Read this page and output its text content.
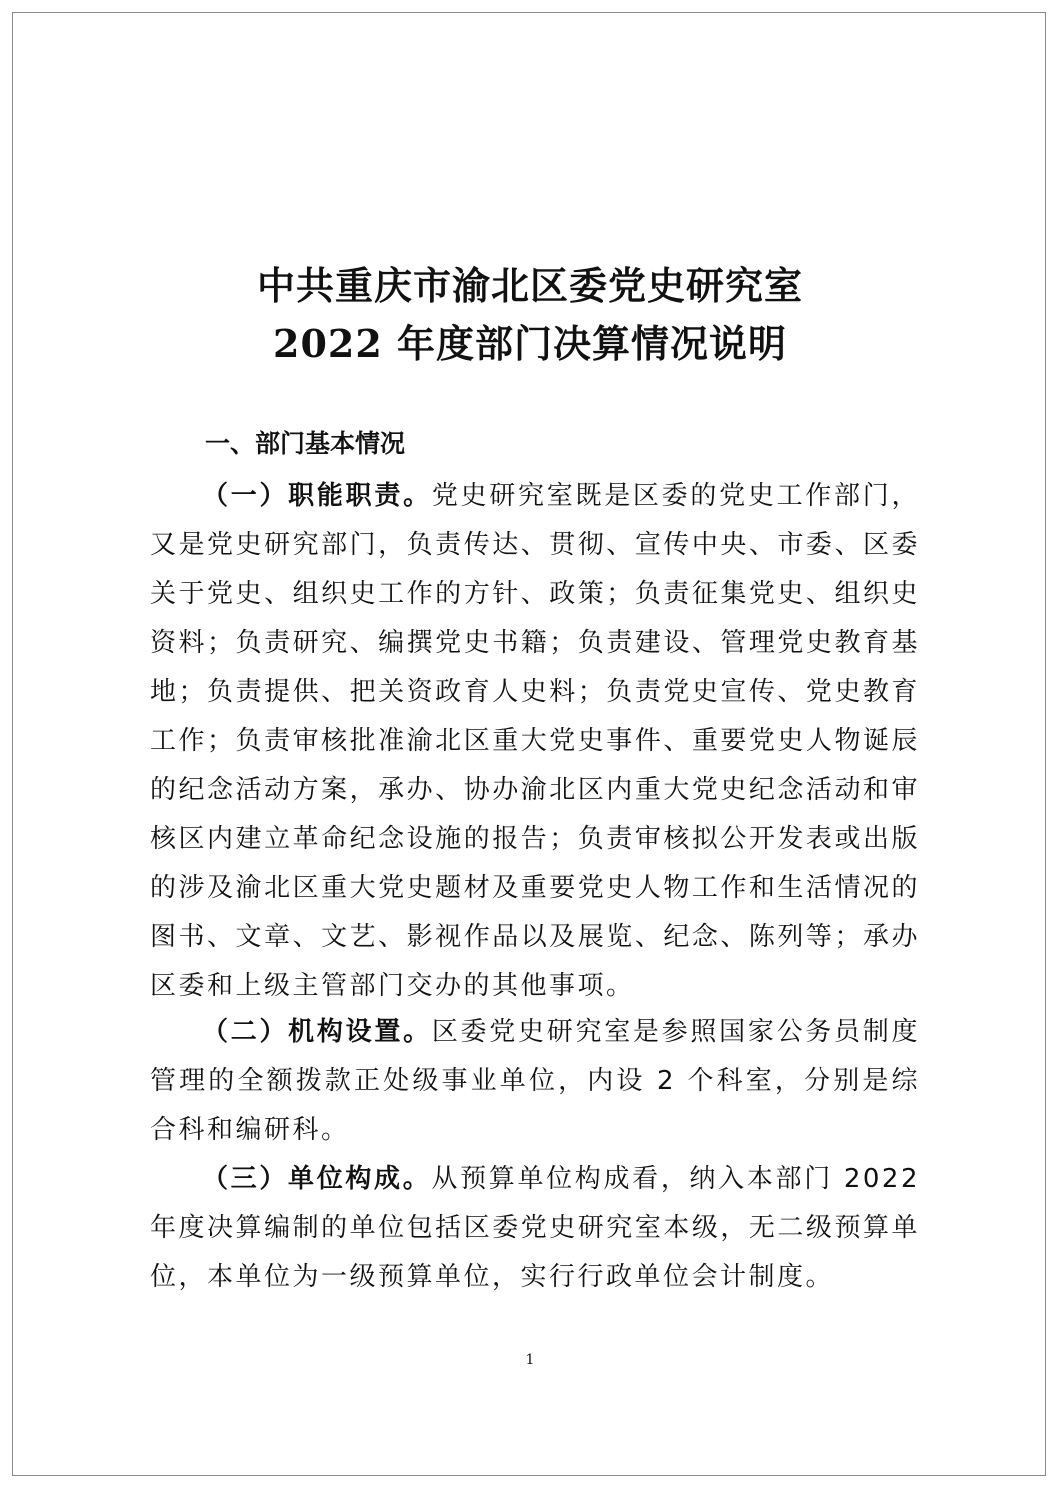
中共重庆市渝北区委党史研究室
2022 年度部门决算情况说明
一、部门基本情况
（一）职能职责。党史研究室既是区委的党史工作部门，又是党史研究部门，负责传达、贯彻、宣传中央、市委、区委关于党史、组织史工作的方针、政策；负责征集党史、组织史资料；负责研究、编撰党史书籍；负责建设、管理党史教育基地；负责提供、把关资政育人史料；负责党史宣传、党史教育工作；负责审核批准渝北区重大党史事件、重要党史人物诞辰的纪念活动方案，承办、协办渝北区内重大党史纪念活动和审核区内建立革命纪念设施的报告；负责审核拟公开发表或出版的涉及渝北区重大党史题材及重要党史人物工作和生活情况的图书、文章、文艺、影视作品以及展览、纪念、陈列等；承办区委和上级主管部门交办的其他事项。
（二）机构设置。区委党史研究室是参照国家公务员制度管理的全额拨款正处级事业单位，内设 2 个科室，分别是综合科和编研科。
（三）单位构成。从预算单位构成看，纳入本部门 2022 年度决算编制的单位包括区委党史研究室本级，无二级预算单位，本单位为一级预算单位，实行行政单位会计制度。
1
